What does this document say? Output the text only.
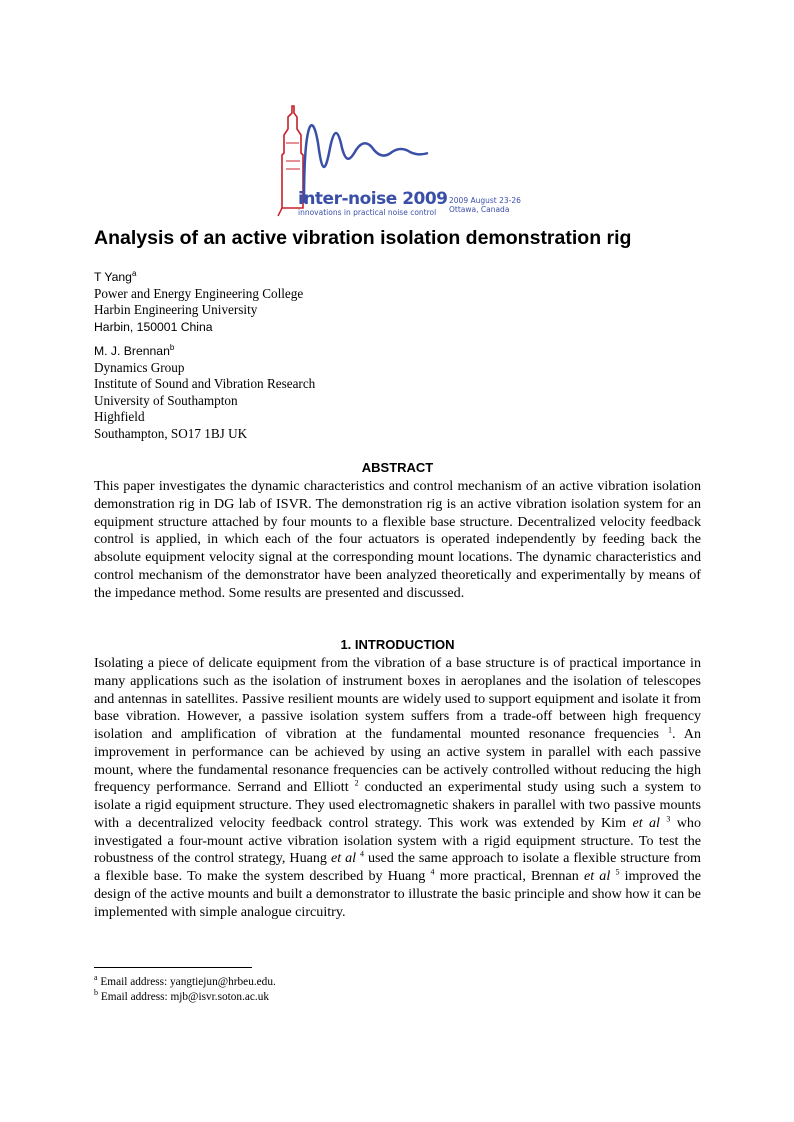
inter-noise 2009
innovations in practical noise control
2009 August 23-26
Ottawa, Canada
Analysis of an active vibration isolation demonstration rig
T Yang$^a$
Power and Energy Engineering College
Harbin Engineering University
Harbin, 150001 China
M. J. Brennan$^b$
Dynamics Group
Institute of Sound and Vibration Research
University of Southampton
Highfield
Southampton, SO17 1BJ UK
ABSTRACT
This paper investigates the dynamic characteristics and control mechanism of an active vibration isolation demonstration rig in DG lab of ISVR. The demonstration rig is an active vibration isolation system for an equipment structure attached by four mounts to a flexible base structure. Decentralized velocity feedback control is applied, in which each of the four actuators is operated independently by feeding back the absolute equipment velocity signal at the corresponding mount locations. The dynamic characteristics and control mechanism of the demonstrator have been analyzed theoretically and experimentally by means of the impedance method. Some results are presented and discussed.
1. INTRODUCTION
Isolating a piece of delicate equipment from the vibration of a base structure is of practical importance in many applications such as the isolation of instrument boxes in aeroplanes and the isolation of telescopes and antennas in satellites. Passive resilient mounts are widely used to support equipment and isolate it from base vibration. However, a passive isolation system suffers from a trade-off between high frequency isolation and amplification of vibration at the fundamental mounted resonance frequencies $^1$. An improvement in performance can be achieved by using an active system in parallel with each passive mount, where the fundamental resonance frequencies can be actively controlled without reducing the high frequency performance. Serrand and Elliott $^2$ conducted an experimental study using such a system to isolate a rigid equipment structure. They used electromagnetic shakers in parallel with two passive mounts with a decentralized velocity feedback control strategy. This work was extended by Kim et al $^3$ who investigated a four-mount active vibration isolation system with a rigid equipment structure. To test the robustness of the control strategy, Huang et al $^4$ used the same approach to isolate a flexible structure from a flexible base. To make the system described by Huang $^4$ more practical, Brennan et al $^5$ improved the design of the active mounts and built a demonstrator to illustrate the basic principle and show how it can be implemented with simple analogue circuitry.
$^a$ Email address: yangtiejun@hrbeu.edu.
$^b$ Email address: mjb@isvr.soton.ac.uk
